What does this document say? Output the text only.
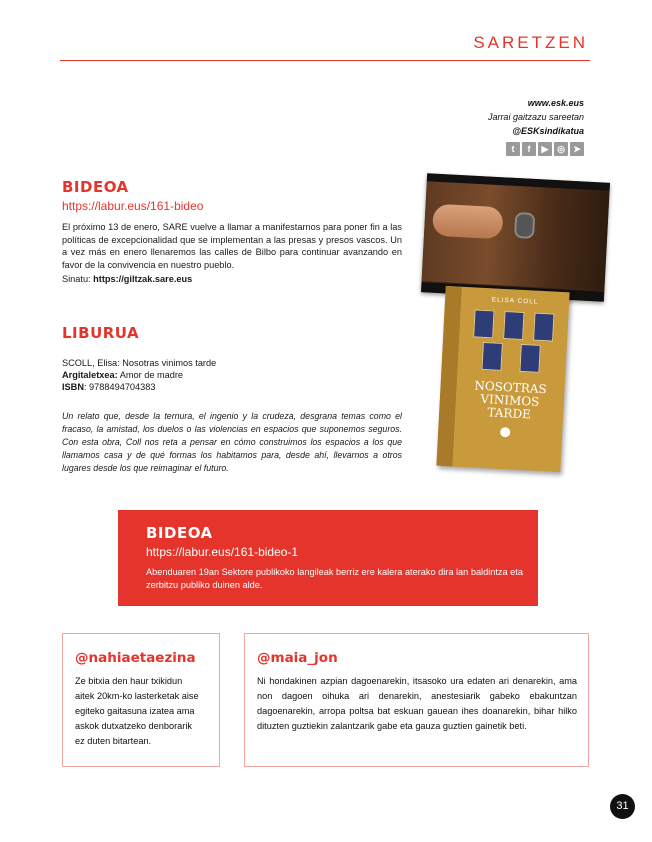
SARETZEN
www.esk.eus
Jarrai gaitzazu sareetan
@ESKsindikatua
t	f	▶ ◎ ➤
BIDEOA
https://labur.eus/161-bideo
El próximo 13 de enero, SARE vuelve a llamar a manifestarnos para poner fin a las políticas de excepcionalidad que se implementan a las presas y presos vascos. Un a vez más en enero llenaremos las calles de Bilbo para continuar avanzando en favor de la convivencia en nuestro pueblo.
Sinatu: https://giltzak.sare.eus
LIBURUA
SCOLL, Elisa: Nosotras vinimos tarde
Argitaletxea: Amor de madre
ISBN: 9788494704383
Un relato que, desde la ternura, el ingenio y la crudeza, desgrana temas como el fracaso, la amistad, los duelos o las violencias en espacios que suponemos seguros. Con esta obra, Coll nos reta a pensar en cómo construimos los espacios a los que llamamos casa y de qué formas los habitamos para, desde ahí, llevarnos a otros lugares desde los que reimaginar el futuro.
ELISA COLL
NOSOTRAS
VINIMOS TARDE
BIDEOA
https://labur.eus/161-bideo-1
Abenduaren 19an Sektore publikoko langileak berriz ere kalera aterako dira lan baldintza eta zerbitzu publiko duinen alde.
@nahiaetaezina
Ze bitxia den haur txikidun
aitek 20km-ko lasterketak aise
egiteko gaitasuna izatea ama
askok dutxatzeko denborarik
ez duten bitartean.
@maia_jon
Ni hondakinen azpian dagoenarekin, itsasoko ura edaten ari denarekin, ama non dagoen oihuka ari denarekin, anestesiarik gabeko ebakuntzan dagoenarekin, arropa poltsa bat eskuan gauean ihes doanarekin, bihar hilko dituzten guztiekin zalantzarik gabe eta gauza guztien gainetik beti.
31
